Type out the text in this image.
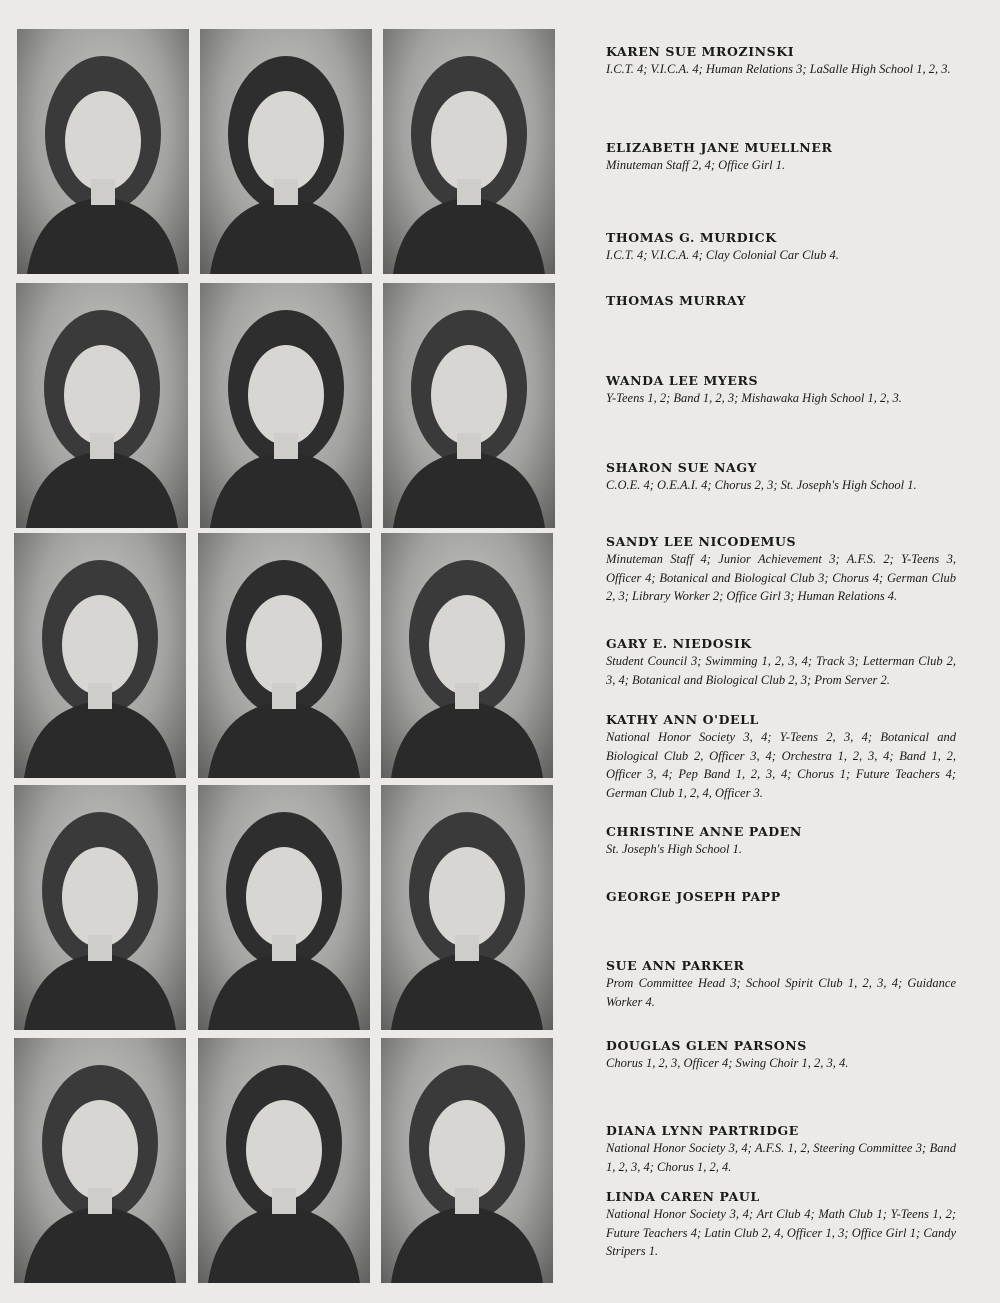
KAREN SUE MROZINSKI
I.C.T. 4; V.I.C.A. 4; Human Relations 3; LaSalle High School 1, 2, 3.
ELIZABETH JANE MUELLNER
Minuteman Staff 2, 4; Office Girl 1.
THOMAS G. MURDICK
I.C.T. 4; V.I.C.A. 4; Clay Colonial Car Club 4.
THOMAS MURRAY
WANDA LEE MYERS
Y-Teens 1, 2; Band 1, 2, 3; Mishawaka High School 1, 2, 3.
SHARON SUE NAGY
C.O.E. 4; O.E.A.I. 4; Chorus 2, 3; St. Joseph's High School 1.
SANDY LEE NICODEMUS
Minuteman Staff 4; Junior Achievement 3; A.F.S. 2; Y-Teens 3, Officer 4; Botanical and Biological Club 3; Chorus 4; German Club 2, 3; Library Worker 2; Office Girl 3; Human Relations 4.
GARY E. NIEDOSIK
Student Council 3; Swimming 1, 2, 3, 4; Track 3; Letterman Club 2, 3, 4; Botanical and Biological Club 2, 3; Prom Server 2.
KATHY ANN O'DELL
National Honor Society 3, 4; Y-Teens 2, 3, 4; Botanical and Biological Club 2, Officer 3, 4; Orchestra 1, 2, 3, 4; Band 1, 2, Officer 3, 4; Pep Band 1, 2, 3, 4; Chorus 1; Future Teachers 4; German Club 1, 2, 4, Officer 3.
CHRISTINE ANNE PADEN
St. Joseph's High School 1.
GEORGE JOSEPH PAPP
SUE ANN PARKER
Prom Committee Head 3; School Spirit Club 1, 2, 3, 4; Guidance Worker 4.
DOUGLAS GLEN PARSONS
Chorus 1, 2, 3, Officer 4; Swing Choir 1, 2, 3, 4.
DIANA LYNN PARTRIDGE
National Honor Society 3, 4; A.F.S. 1, 2, Steering Committee 3; Band 1, 2, 3, 4; Chorus 1, 2, 4.
LINDA CAREN PAUL
National Honor Society 3, 4; Art Club 4; Math Club 1; Y-Teens 1, 2; Future Teachers 4; Latin Club 2, 4, Officer 1, 3; Office Girl 1; Candy Stripers 1.
